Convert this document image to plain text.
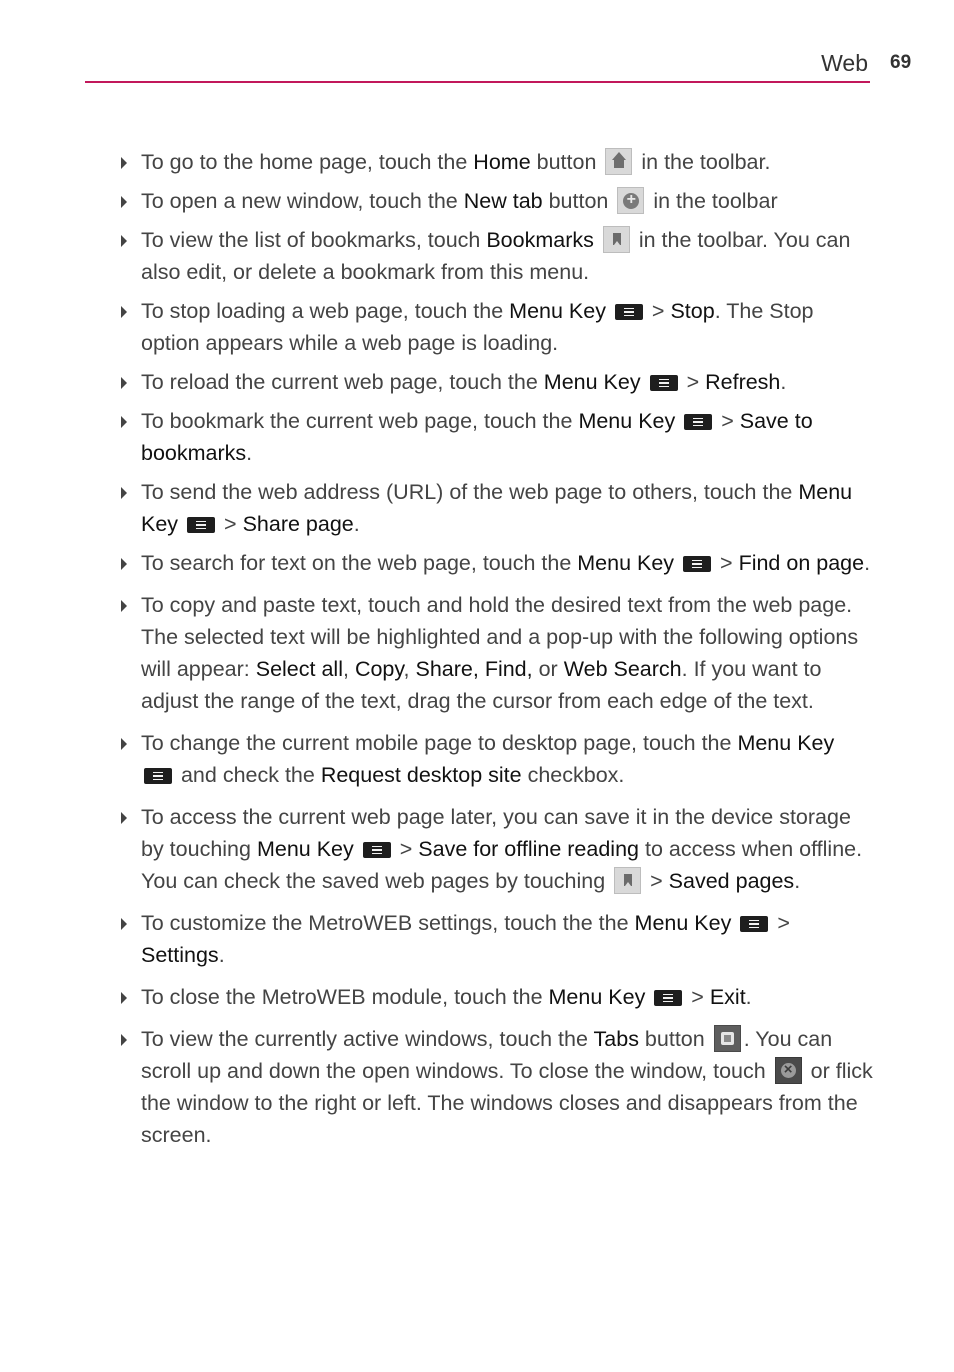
Web 69
To go to the home page, touch the Home button  in the toolbar.
To open a new window, touch the New tab button + in the toolbar
To view the list of bookmarks, touch Bookmarks  in the toolbar. You can also edit, or delete a bookmark from this menu.
To stop loading a web page, touch the Menu Key  > Stop. The Stop option appears while a web page is loading.
To reload the current web page, touch the Menu Key  > Refresh.
To bookmark the current web page, touch the Menu Key  > Save to bookmarks.
To send the web address (URL) of the web page to others, touch the Menu Key  > Share page.
To search for text on the web page, touch the Menu Key  > Find on page.
To copy and paste text, touch and hold the desired text from the web page. The selected text will be highlighted and a pop-up with the following options will appear: Select all, Copy, Share, Find, or Web Search. If you want to adjust the range of the text, drag the cursor from each edge of the text.
To change the current mobile page to desktop page, touch the Menu Key  and check the Request desktop site checkbox.
To access the current web page later, you can save it in the device storage by touching Menu Key  > Save for offline reading to access when offline. You can check the saved web pages by touching  > Saved pages.
To customize the MetroWEB settings, touch the the Menu Key  > Settings.
To close the MetroWEB module, touch the Menu Key  > Exit.
To view the currently active windows, touch the Tabs button . You can scroll up and down the open windows. To close the window, touch × or flick the window to the right or left. The windows closes and disappears from the screen.
